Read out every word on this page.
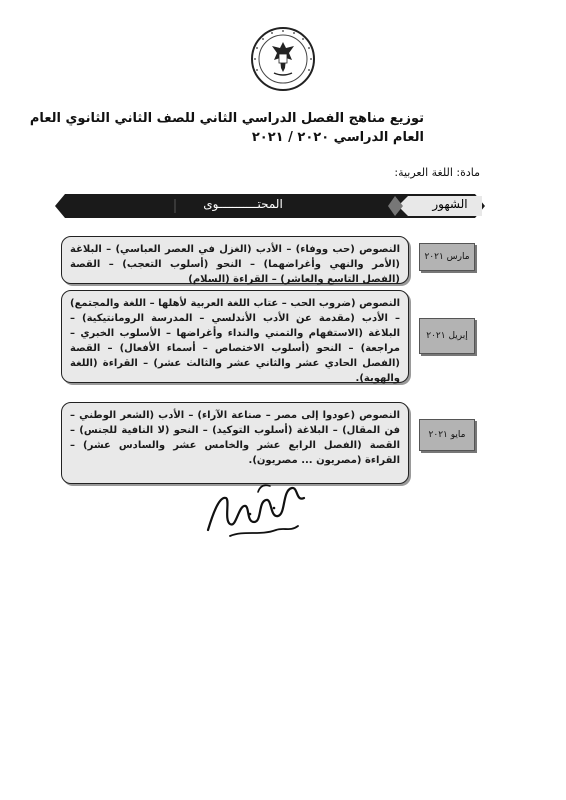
توزيع مناهج الفصل الدراسي الثاني للصف الثاني الثانوي العام
العام الدراسي ٢٠٢٠ / ٢٠٢١
مادة: اللغة العربية:
المحتـــــــــــوى	الشهور
النصوص (حب ووفاء) – الأدب (الغزل في العصر العباسي) – البلاغة (الأمر والنهي وأغراضهما) – النحو (أسلوب التعجب) – القصة (الفصل التاسع والعاشر) – القراءة (السلام)
مارس ٢٠٢١
النصوص (ضروب الحب – عتاب اللغة العربية لأهلها – اللغة والمجتمع) – الأدب (مقدمة عن الأدب الأندلسي – المدرسة الرومانتيكية) – البلاغة (الاستفهام والتمني والنداء وأغراضها – الأسلوب الخبري – مراجعة) – النحو (أسلوب الاختصاص – أسماء الأفعال) – القصة (الفصل الحادي عشر والثاني عشر والثالث عشر) – القراءة (اللغة والهوية).
إبريل ٢٠٢١
النصوص (عودوا إلى مصر – صناعة الآراء) – الأدب (الشعر الوطني – فن المقال) – البلاغة (أسلوب التوكيد) – النحو (لا النافية للجنس) – القصة (الفصل الرابع عشر والخامس عشر والسادس عشر) – القراءة (مصريون ... مصريون).
مايو ٢٠٢١
